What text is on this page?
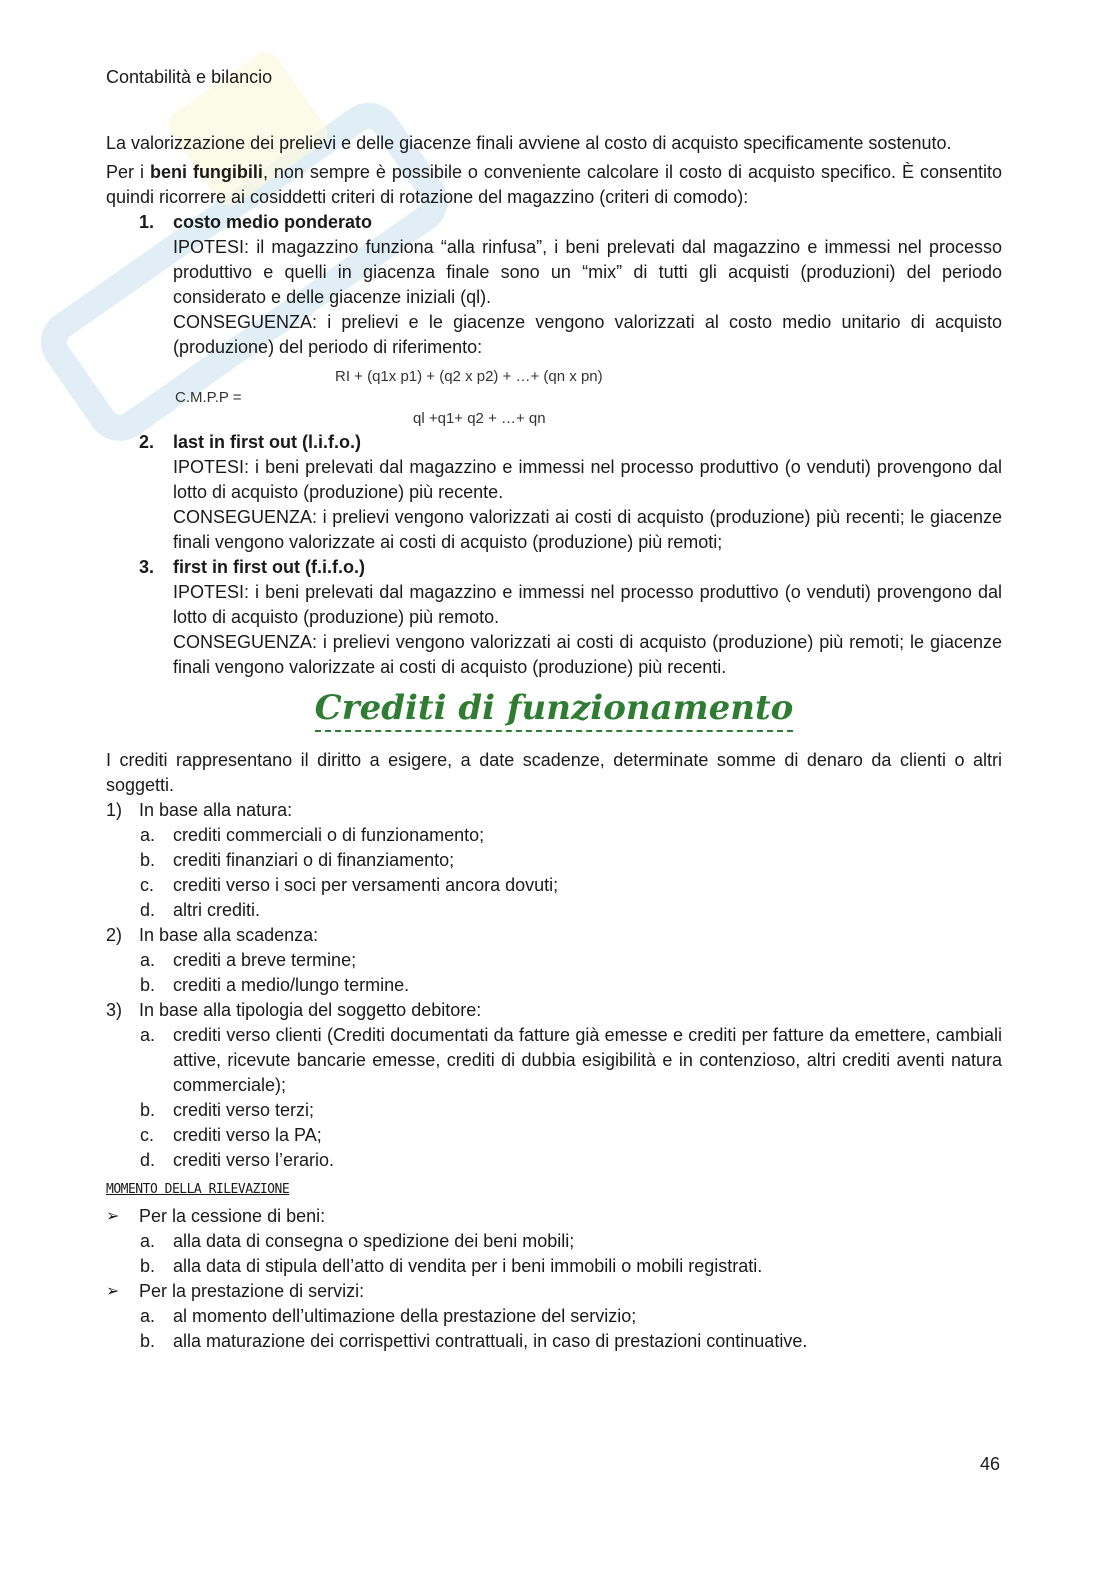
Contabilità e bilancio

La valorizzazione dei prelievi e delle giacenze finali avviene al costo di acquisto specificamente sostenuto.

Per i beni fungibili, non sempre è possibile o conveniente calcolare il costo di acquisto specifico. È consentito quindi ricorrere ai cosiddetti criteri di rotazione del magazzino (criteri di comodo):

1. costo medio ponderato

IPOTESI: il magazzino funziona “alla rinfusa”, i beni prelevati dal magazzino e immessi nel processo produttivo e quelli in giacenza finale sono un “mix” di tutti gli acquisti (produzioni) del periodo considerato e delle giacenze iniziali (ql).

CONSEGUENZA: i prelievi e le giacenze vengono valorizzati al costo medio unitario di acquisto (produzione) del periodo di riferimento:

RI + (q1x p1) + (q2 x p2) + …+ (qn x pn)
C.M.P.P =
ql +q1+ q2 + …+ qn
2. last in first out (l.i.f.o.)

IPOTESI: i beni prelevati dal magazzino e immessi nel processo produttivo (o venduti) provengono dal lotto di acquisto (produzione) più recente.

CONSEGUENZA: i prelievi vengono valorizzati ai costi di acquisto (produzione) più recenti; le giacenze finali vengono valorizzate ai costi di acquisto (produzione) più remoti;

3. first in first out (f.i.f.o.)

IPOTESI: i beni prelevati dal magazzino e immessi nel processo produttivo (o venduti) provengono dal lotto di acquisto (produzione) più remoto.

CONSEGUENZA: i prelievi vengono valorizzati ai costi di acquisto (produzione) più remoti; le giacenze finali vengono valorizzate ai costi di acquisto (produzione) più recenti.

Crediti di funzionamento

I crediti rappresentano il diritto a esigere, a date scadenze, determinate somme di denaro da clienti o altri soggetti.

1) In base alla natura:
a. crediti commerciali o di funzionamento;
b. crediti finanziari o di finanziamento;
c. crediti verso i soci per versamenti ancora dovuti;
d. altri crediti.
2) In base alla scadenza:
a. crediti a breve termine;
b. crediti a medio/lungo termine.
3) In base alla tipologia del soggetto debitore:
a. crediti verso clienti (Crediti documentati da fatture già emesse e crediti per fatture da emettere, cambiali attive, ricevute bancarie emesse, crediti di dubbia esigibilità e in contenzioso, altri crediti aventi natura commerciale);

b. crediti verso terzi;
c. crediti verso la PA;
d. crediti verso l’erario.
MOMENTO DELLA RILEVAZIONE
➢ Per la cessione di beni:
a. alla data di consegna o spedizione dei beni mobili;
b. alla data di stipula dell’atto di vendita per i beni immobili o mobili registrati.
➢ Per la prestazione di servizi:
a. al momento dell’ultimazione della prestazione del servizio;
b. alla maturazione dei corrispettivi contrattuali, in caso di prestazioni continuative.
46
